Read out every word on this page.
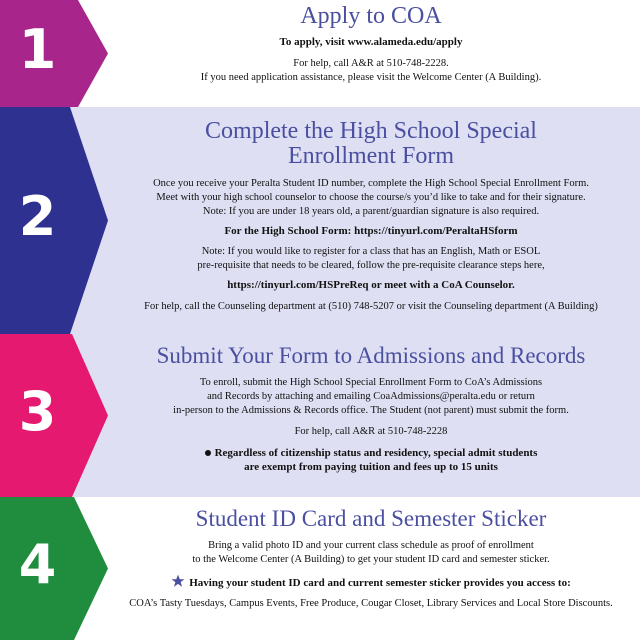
1
Apply to COA
To apply, visit www.alameda.edu/apply
For help, call A&R at 510-748-2228.
If you need application assistance, please visit the Welcome Center (A Building).
2
Complete the High School Special
Enrollment Form
Once you receive your Peralta Student ID number, complete the High School Special Enrollment Form.
Meet with your high school counselor to choose the course/s you’d like to take and for their signature.
Note: If you are under 18 years old, a parent/guardian signature is also required.
For the High School Form: https://tinyurl.com/PeraltaHSform
Note: If you would like to register for a class that has an English, Math or ESOL
pre-requisite that needs to be cleared, follow the pre-requisite clearance steps here,
https://tinyurl.com/HSPreReq or meet with a CoA Counselor.
For help, call the Counseling department at (510) 748-5207 or visit the Counseling department (A Building)
3
Submit Your Form to Admissions and Records
To enroll, submit the High School Special Enrollment Form to CoA’s Admissions
and Records by attaching and emailing CoaAdmissions@peralta.edu or return
in-person to the Admissions & Records office. The Student (not parent) must submit the form.
For help, call A&R at 510-748-2228
Regardless of citizenship status and residency, special admit students
are exempt from paying tuition and fees up to 15 units
4
Student ID Card and Semester Sticker
Bring a valid photo ID and your current class schedule as proof of enrollment
to the Welcome Center (A Building) to get your student ID card and semester sticker.
Having your student ID card and current semester sticker provides you access to:
COA’s Tasty Tuesdays, Campus Events, Free Produce, Cougar Closet, Library Services and Local Store Discounts.
